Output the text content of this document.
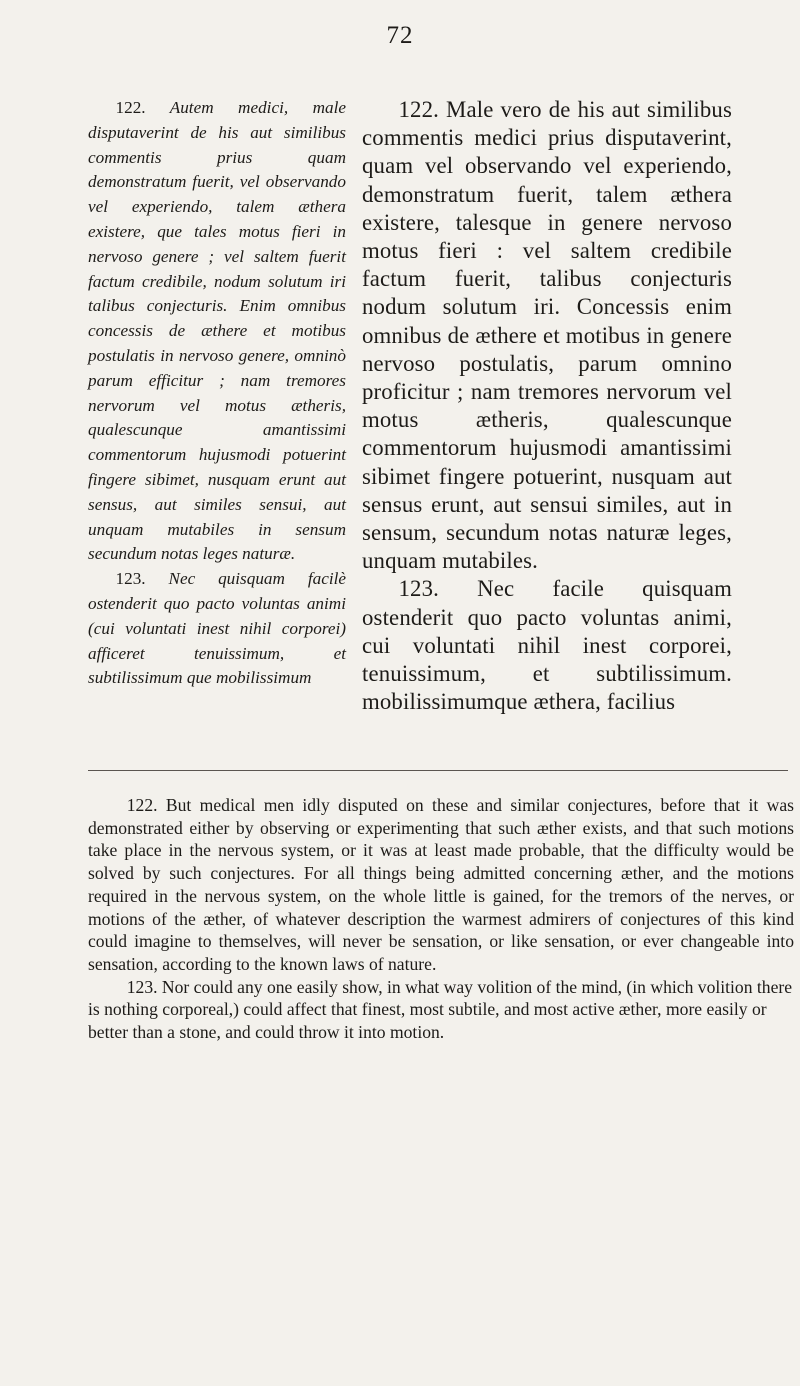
72

122. Autem medici, male disputaverint de his aut similibus commentis prius quam demonstratum fuerit, vel observando vel experiendo, talem æthera existere, que tales motus fieri in nervoso genere ; vel saltem fuerit factum credibile, nodum solutum iri talibus conjecturis. Enim omnibus concessis de æthere et motibus postulatis in nervoso genere, omninò parum efficitur ; nam tremores nervorum vel motus ætheris, qualescunque amantissimi commentorum hujusmodi potuerint fingere sibimet, nusquam erunt aut sensus, aut similes sensui, aut unquam mutabiles in sensum secundum notas leges naturæ.

123. Nec quisquam facilè ostenderit quo pacto voluntas animi (cui voluntati inest nihil corporei) afficeret tenuissimum, et subtilissimum que mobilissimum

122. Male vero de his aut similibus commentis medici prius disputaverint, quam vel observando vel experiendo, demonstratum fuerit, talem æthera existere, talesque in genere nervoso motus fieri : vel saltem credibile factum fuerit, talibus conjecturis nodum solutum iri. Concessis enim omnibus de æthere et motibus in genere nervoso postulatis, parum omnino proficitur ; nam tremores nervorum vel motus ætheris, qualescunque commentorum hujusmodi amantissimi sibimet fingere potuerint, nusquam aut sensus erunt, aut sensui similes, aut in sensum, secundum notas naturæ leges, unquam mutabiles.

123. Nec facile quisquam ostenderit quo pacto voluntas animi, cui voluntati nihil inest corporei, tenuissimum, et subtilissimum. mobilissimumque æthera, facilius

122. But medical men idly disputed on these and similar conjectures, before that it was demonstrated either by observing or experimenting that such æther exists, and that such motions take place in the nervous system, or it was at least made probable, that the difficulty would be solved by such conjectures. For all things being admitted concerning æther, and the motions required in the nervous system, on the whole little is gained, for the tremors of the nerves, or motions of the æther, of whatever description the warmest admirers of conjectures of this kind could imagine to themselves, will never be sensation, or like sensation, or ever changeable into sensation, according to the known laws of nature.

123. Nor could any one easily show, in what way volition of the mind, (in which volition there is nothing corporeal,) could affect that finest, most subtile, and most active æther, more easily or better than a stone, and could throw it into motion.
